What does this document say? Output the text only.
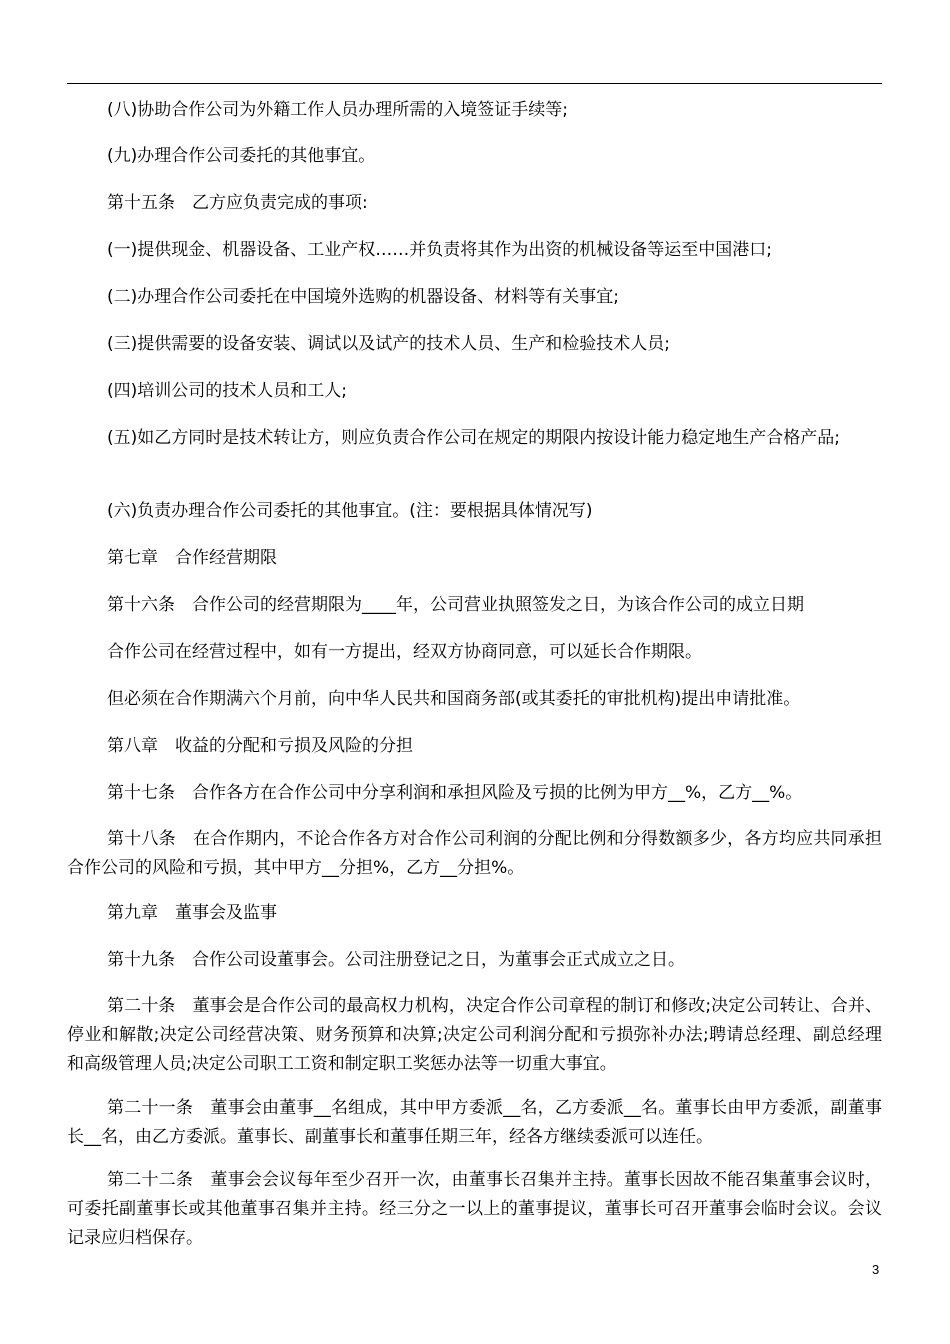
(八)协助合作公司为外籍工作人员办理所需的入境签证手续等;

(九)办理合作公司委托的其他事宜。

第十五条　乙方应负责完成的事项:

(一)提供现金、机器设备、工业产权……并负责将其作为出资的机械设备等运至中国港口;

(二)办理合作公司委托在中国境外选购的机器设备、材料等有关事宜;

(三)提供需要的设备安装、调试以及试产的技术人员、生产和检验技术人员;

(四)培训公司的技术人员和工人;

(五)如乙方同时是技术转让方，则应负责合作公司在规定的期限内按设计能力稳定地生产合格产品;

(六)负责办理合作公司委托的其他事宜。(注：要根据具体情况写)

第七章　合作经营期限

第十六条　合作公司的经营期限为____年，公司营业执照签发之日，为该合作公司的成立日期

合作公司在经营过程中，如有一方提出，经双方协商同意，可以延长合作期限。

但必须在合作期满六个月前，向中华人民共和国商务部(或其委托的审批机构)提出申请批准。

第八章　收益的分配和亏损及风险的分担

第十七条　合作各方在合作公司中分享利润和承担风险及亏损的比例为甲方__%，乙方__%。

第十八条　在合作期内，不论合作各方对合作公司利润的分配比例和分得数额多少，各方均应共同承担合作公司的风险和亏损，其中甲方__分担%，乙方__分担%。

第九章　董事会及监事

第十九条　合作公司设董事会。公司注册登记之日，为董事会正式成立之日。

第二十条　董事会是合作公司的最高权力机构，决定合作公司章程的制订和修改;决定公司转让、合并、停业和解散;决定公司经营决策、财务预算和决算;决定公司利润分配和亏损弥补办法;聘请总经理、副总经理和高级管理人员;决定公司职工工资和制定职工奖惩办法等一切重大事宜。

第二十一条　董事会由董事__名组成，其中甲方委派__名，乙方委派__名。董事长由甲方委派，副董事长__名，由乙方委派。董事长、副董事长和董事任期三年，经各方继续委派可以连任。

第二十二条　董事会会议每年至少召开一次，由董事长召集并主持。董事长因故不能召集董事会议时，可委托副董事长或其他董事召集并主持。经三分之一以上的董事提议，董事长可召开董事会临时会议。会议记录应归档保存。

3
